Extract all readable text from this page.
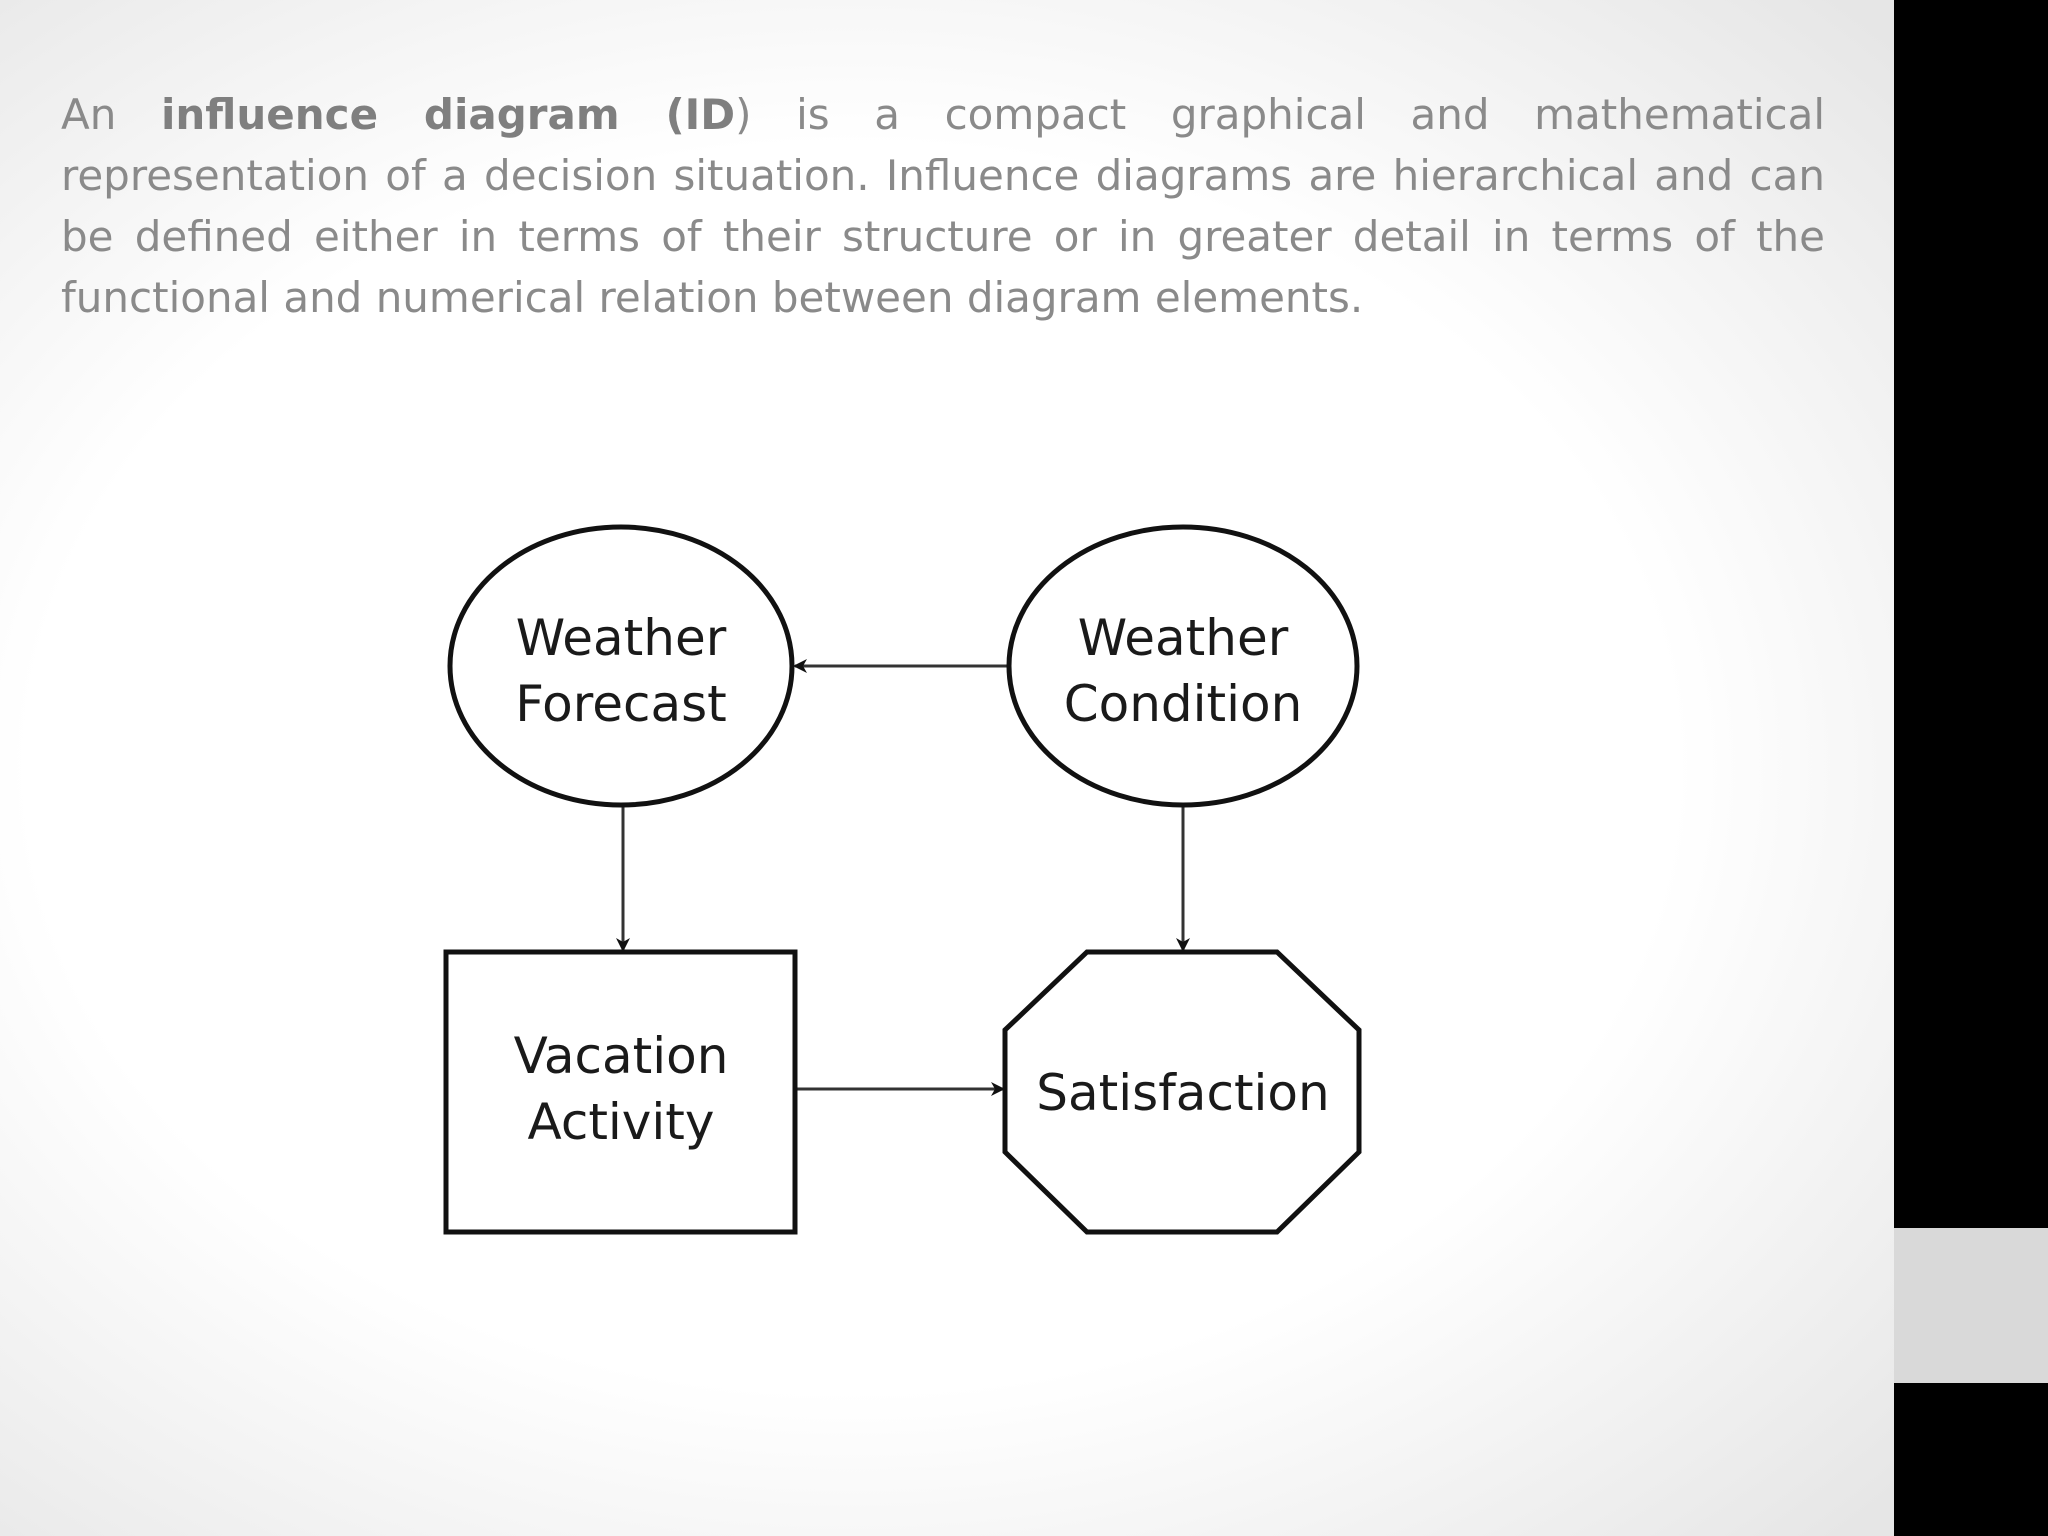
An influence diagram (ID) is a compact graphical and mathematical representation of a decision situation. Influence diagrams are hierarchical and can be defined either in terms of their structure or in greater detail in terms of the functional and numerical relation between diagram elements.

Weather
Forecast
Weather
Condition
Vacation
Activity	Satisfaction
